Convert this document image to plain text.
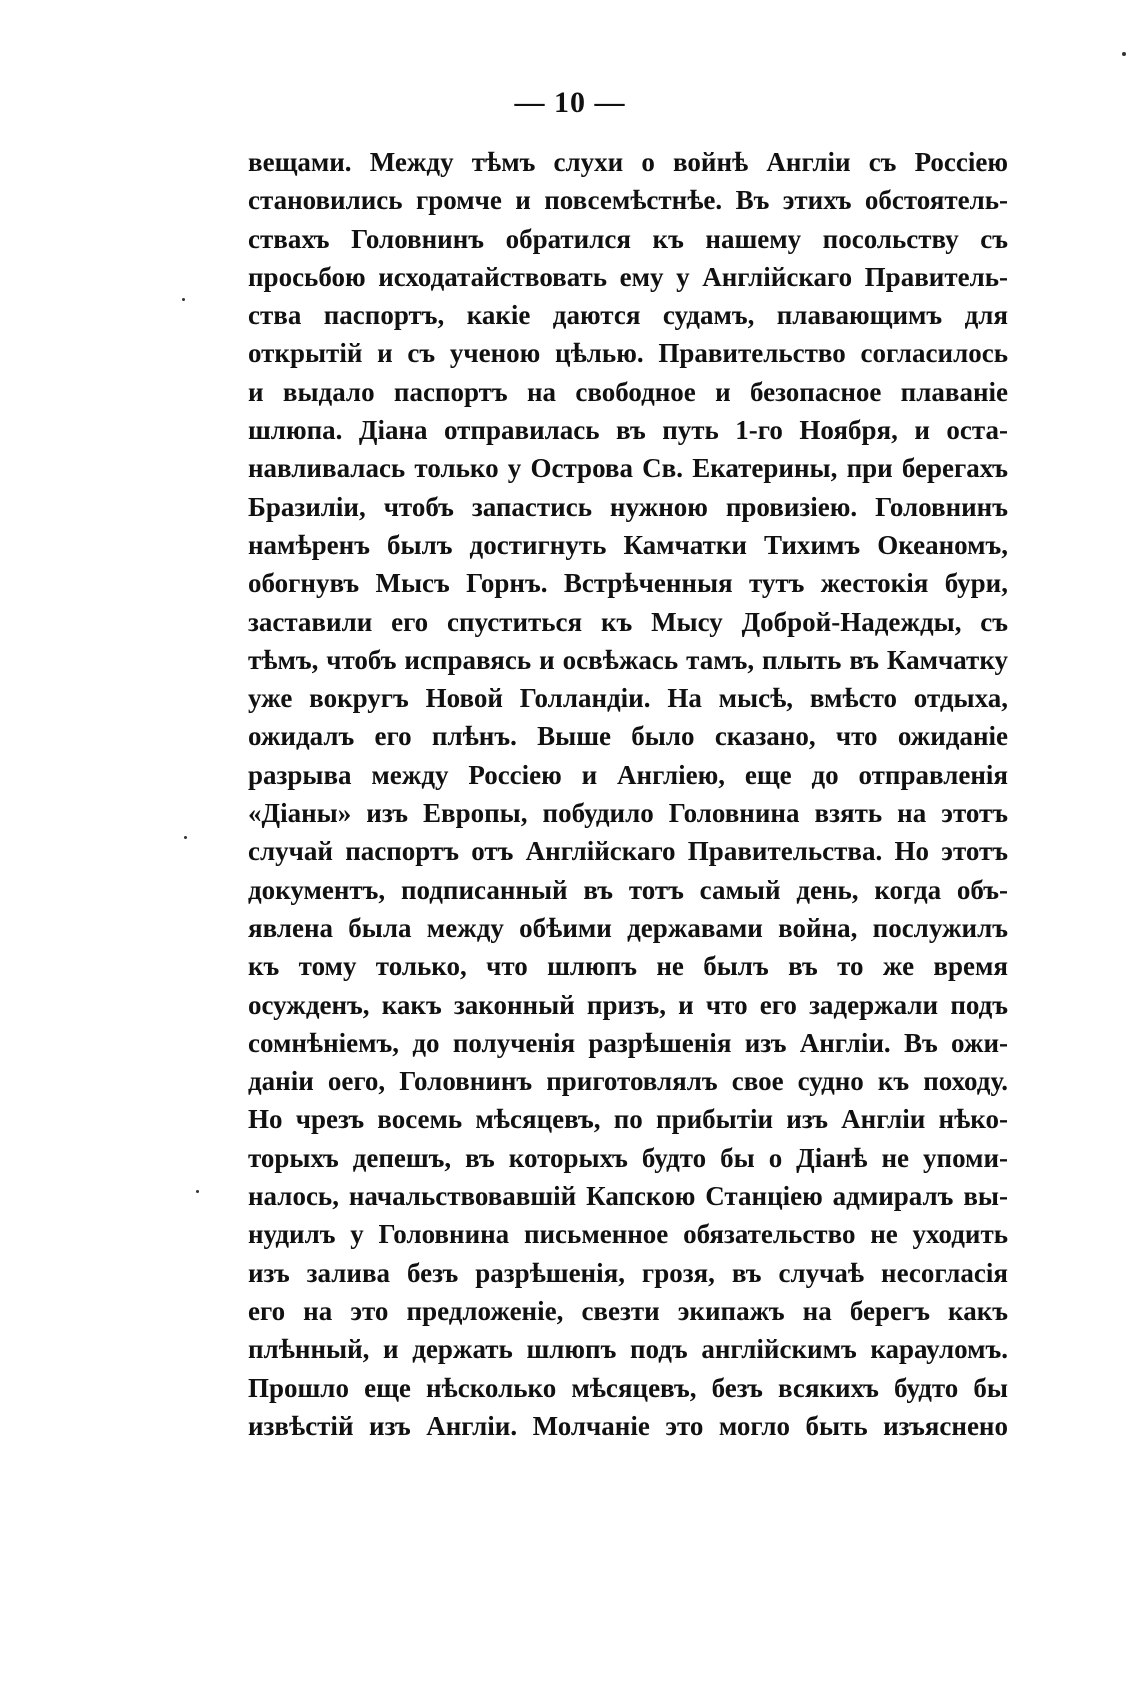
— 10 —
вещами. Между тѣмъ слухи о войнѣ Англіи съ Россіею
становились громче и повсемѣстнѣе. Въ этихъ обстоятель-
ствахъ Головнинъ обратился къ нашему посольству съ
просьбою исходатайствовать ему у Англійскаго Правитель-
ства паспортъ, какіе даются судамъ, плавающимъ для
открытій и съ ученою цѣлью. Правительство согласилось
и выдало паспортъ на свободное и безопасное плаваніе
шлюпа. Діана отправилась въ путь 1-го Ноября, и оста-
навливалась только у Острова Св. Екатерины, при берегахъ
Бразиліи, чтобъ запастись нужною провизіею. Головнинъ
намѣренъ былъ достигнуть Камчатки Тихимъ Океаномъ,
обогнувъ Мысъ Горнъ. Встрѣченныя тутъ жестокія бури,
заставили его спуститься къ Мысу Доброй-Надежды, съ
тѣмъ, чтобъ исправясь и освѣжась тамъ, плыть въ Камчатку
уже вокругъ Новой Голландіи. На мысѣ, вмѣсто отдыха,
ожидалъ его плѣнъ. Выше было сказано, что ожиданіе
разрыва между Россіею и Англіею, еще до отправленія
«Діаны» изъ Европы, побудило Головнина взять на этотъ
случай паспортъ отъ Англійскаго Правительства. Но этотъ
документъ, подписанный въ тотъ самый день, когда объ-
явлена была между обѣими державами война, послужилъ
къ тому только, что шлюпъ не былъ въ то же время
осужденъ, какъ законный призъ, и что его задержали подъ
сомнѣніемъ, до полученія разрѣшенія изъ Англіи. Въ ожи-
даніи оего, Головнинъ приготовлялъ свое судно къ походу.
Но чрезъ восемь мѣсяцевъ, по прибытіи изъ Англіи нѣко-
торыхъ депешъ, въ которыхъ будто бы о Діанѣ не упоми-
налось, начальствовавшій Капскою Станціею адмиралъ вы-
нудилъ у Головнина письменное обязательство не уходить
изъ залива безъ разрѣшенія, грозя, въ случаѣ несогласія
его на это предложеніе, свезти экипажъ на берегъ какъ
плѣнный, и держать шлюпъ подъ англійскимъ карауломъ.
Прошло еще нѣсколько мѣсяцевъ, безъ всякихъ будто бы
извѣстій изъ Англіи. Молчаніе это могло быть изъяснено
